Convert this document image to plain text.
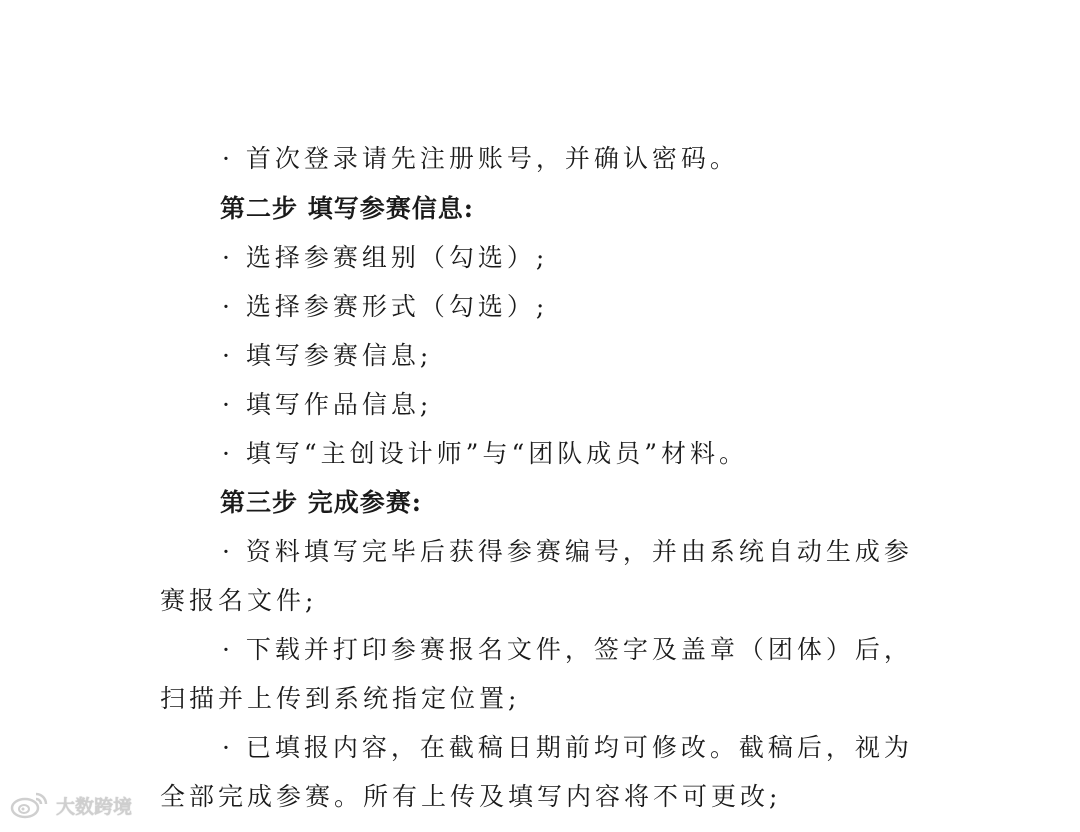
· 首次登录请先注册账号，并确认密码。
第二步 填写参赛信息:
· 选择参赛组别（勾选）;
· 选择参赛形式（勾选）;
· 填写参赛信息;
· 填写作品信息;
· 填写“主创设计师”与“团队成员”材料。
第三步 完成参赛:
· 资料填写完毕后获得参赛编号，并由系统自动生成参
赛报名文件;
· 下载并打印参赛报名文件，签字及盖章（团体）后，
扫描并上传到系统指定位置;
· 已填报内容，在截稿日期前均可修改。截稿后，视为
全部完成参赛。所有上传及填写内容将不可更改;
大数跨境
